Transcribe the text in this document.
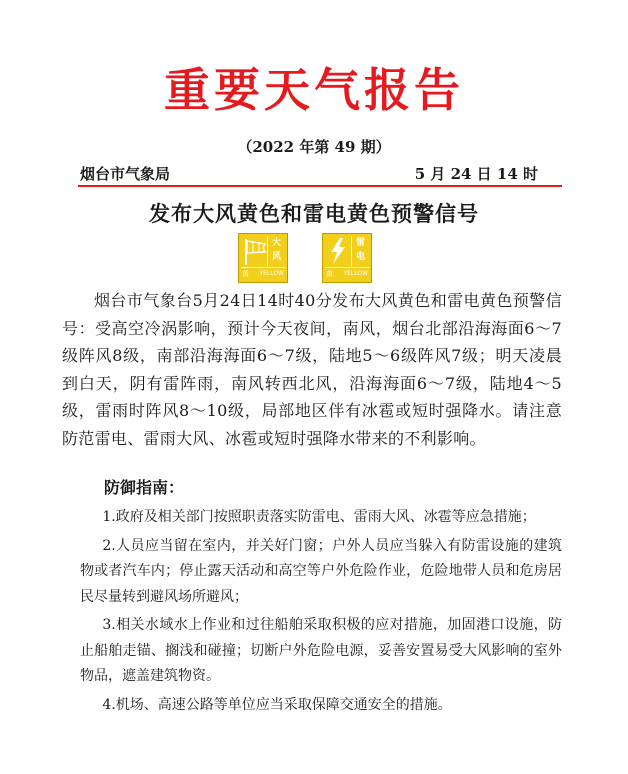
重要天气报告
（2022 年第 49 期）
烟台市气象局	5 月 24 日 14 时
发布大风黄色和雷电黄色预警信号
大
风
黄 YELLOW
雷
电
黄 YELLOW
烟台市气象台5月24日14时40分发布大风黄色和雷电黄色预警信号：受高空冷涡影响，预计今天夜间，南风，烟台北部沿海海面6～7级阵风8级，南部沿海海面6～7级，陆地5～6级阵风7级；明天凌晨到白天，阴有雷阵雨，南风转西北风，沿海海面6～7级，陆地4～5级，雷雨时阵风8～10级，局部地区伴有冰雹或短时强降水。请注意防范雷电、雷雨大风、冰雹或短时强降水带来的不利影响。
防御指南：

1.政府及相关部门按照职责落实防雷电、雷雨大风、冰雹等应急措施；

2.人员应当留在室内，并关好门窗；户外人员应当躲入有防雷设施的建筑物或者汽车内；停止露天活动和高空等户外危险作业，危险地带人员和危房居民尽量转到避风场所避风；

3.相关水域水上作业和过往船舶采取积极的应对措施，加固港口设施，防止船舶走锚、搁浅和碰撞；切断户外危险电源，妥善安置易受大风影响的室外物品，遮盖建筑物资。

4.机场、高速公路等单位应当采取保障交通安全的措施。
